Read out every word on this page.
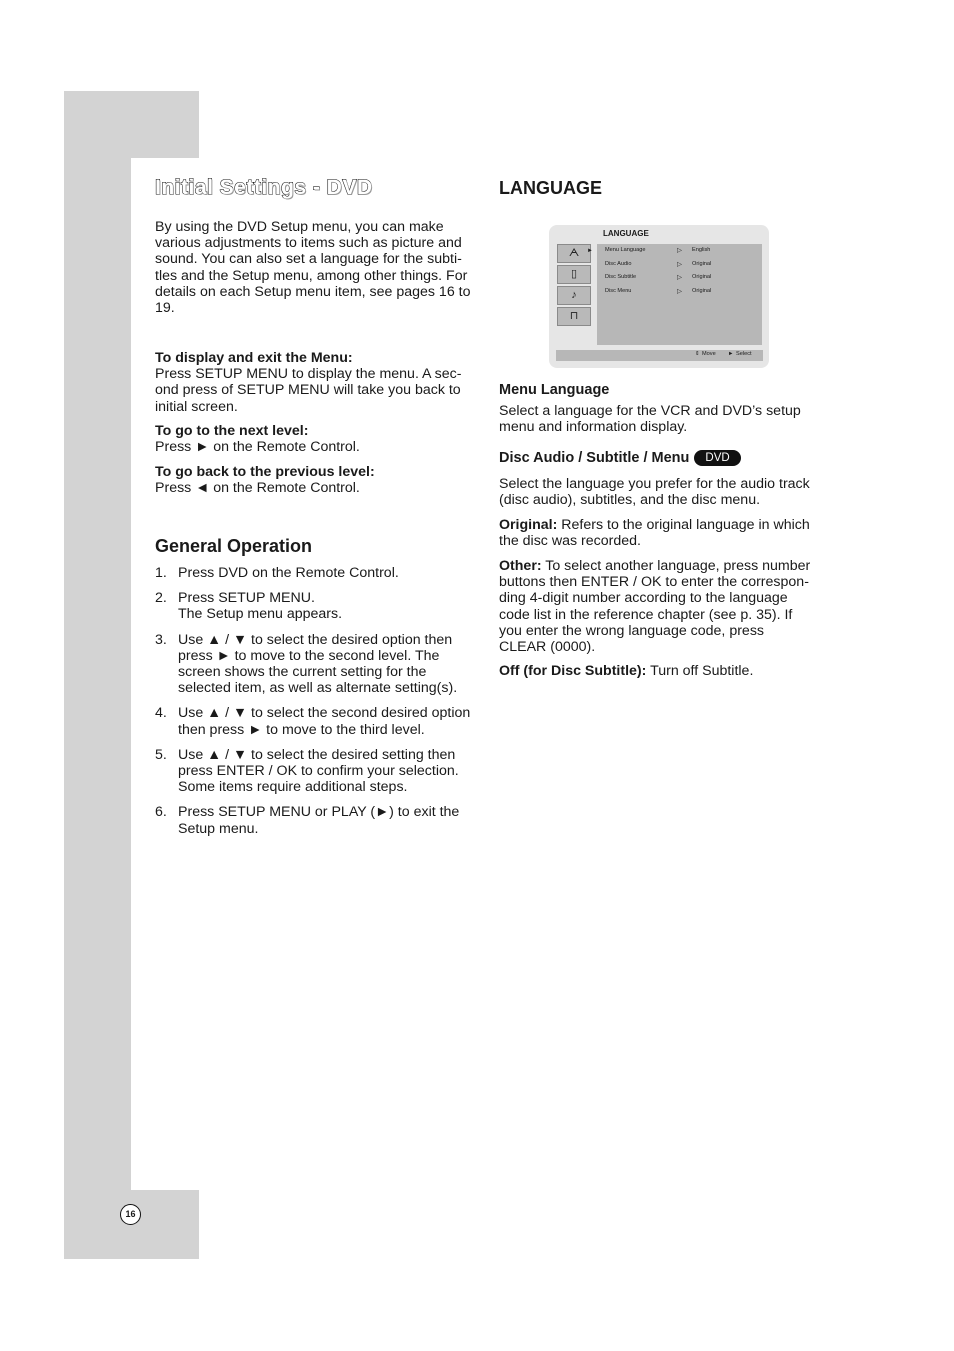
Initial Settings - DVD

By using the DVD Setup menu, you can make

various adjustments to items such as picture and

sound. You can also set a language for the subti-

tles and the Setup menu, among other things. For

details on each Setup menu item, see pages 16 to

19.

To display and exit the Menu:

Press SETUP MENU to display the menu. A sec-

ond press of SETUP MENU will take you back to

initial screen.

To go to the next level:

Press ► on the Remote Control.

To go back to the previous level:

Press ◄ on the Remote Control.

General Operation
1. Press DVD on the Remote Control.
2. Press SETUP MENU.
The Setup menu appears.
3. Use ▲ / ▼ to select the desired option then
press ► to move to the second level. The
screen shows the current setting for the
selected item, as well as alternate setting(s).
4. Use ▲ / ▼ to select the second desired option
then press ► to move to the third level.
5. Use ▲ / ▼ to select the desired setting then
press ENTER / OK to confirm your selection.
Some items require additional steps.
6. Press SETUP MENU or PLAY (►) to exit the
Setup menu.
LANGUAGE
LANGUAGE
ᗅ	►
▯
♪
⊓
Menu Language	▷ English
Disc Audio	▷ Original
Disc Subtitle	▷ Original
Disc Menu	▷ Original
⇕ Move ► Select
Menu Language

Select a language for the VCR and DVD’s setup

menu and information display.

Disc Audio / Subtitle / Menu DVD

Select the language you prefer for the audio track

(disc audio), subtitles, and the disc menu.

Original: Refers to the original language in which

the disc was recorded.

Other: To select another language, press number

buttons then ENTER / OK to enter the correspon-

ding 4-digit number according to the language

code list in the reference chapter (see p. 35). If

you enter the wrong language code, press

CLEAR (0000).

Off (for Disc Subtitle): Turn off Subtitle.

16
